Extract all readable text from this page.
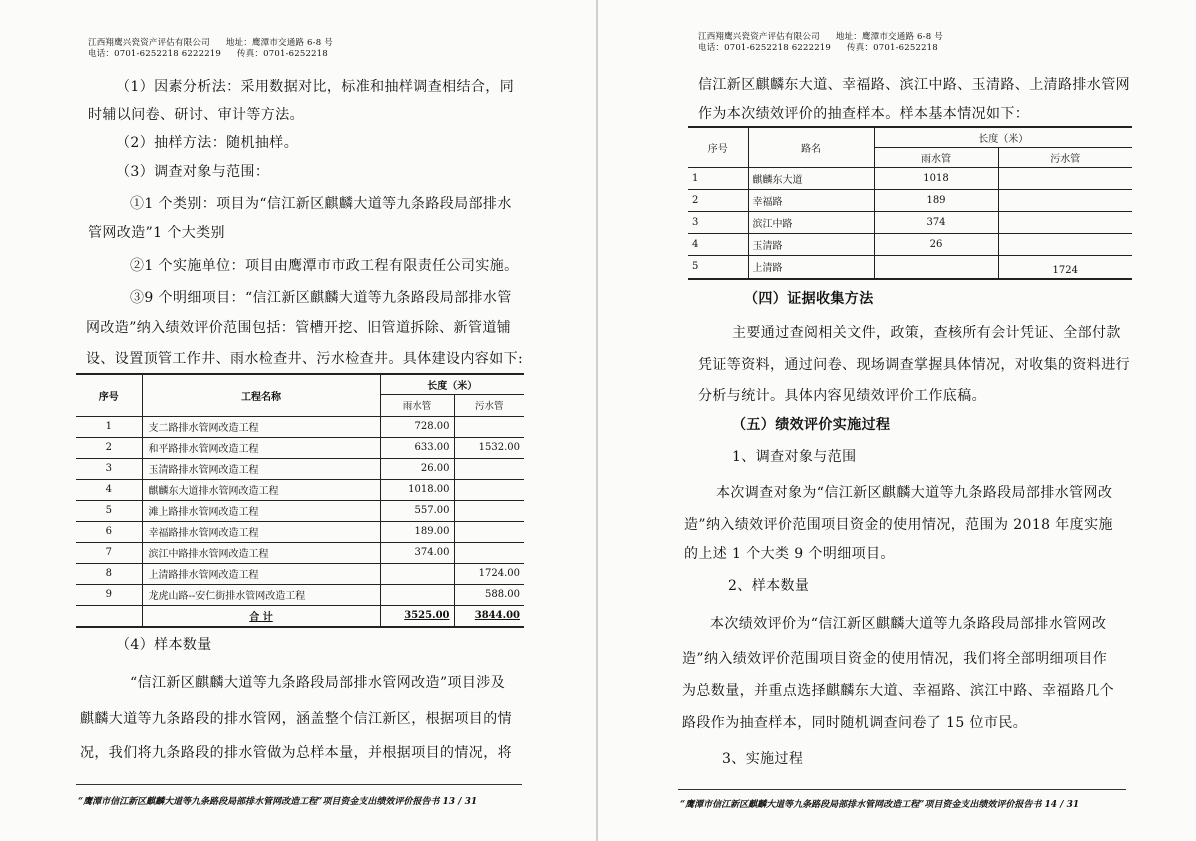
江西翔鹰兴瓷资产评估有限公司 地址：鹰潭市交通路 6-8 号
电话：0701-6252218 6222219 传真：0701-6252218
（1）因素分析法：采用数据对比，标准和抽样调查相结合，同
时辅以问卷、研讨、审计等方法。
（2）抽样方法：随机抽样。
（3）调查对象与范围：
①1 个类别：项目为“信江新区麒麟大道等九条路段局部排水
管网改造”1 个大类别
②1 个实施单位：项目由鹰潭市市政工程有限责任公司实施。
③9 个明细项目：“信江新区麒麟大道等九条路段局部排水管
网改造”纳入绩效评价范围包括：管槽开挖、旧管道拆除、新管道铺
设、设置顶管工作井、雨水检查井、污水检查井。具体建设内容如下:
序号	工程名称	长度（米）	
		雨水管	污水管
1	支二路排水管网改造工程	728.00	
2	和平路排水管网改造工程	633.00	1532.00
3	玉清路排水管网改造工程	26.00	
4	麒麟东大道排水管网改造工程	1018.00	
5	滩上路排水管网改造工程	557.00	
6	幸福路排水管网改造工程	189.00	
7	滨江中路排水管网改造工程	374.00	
8	上清路排水管网改造工程		1724.00
9	龙虎山路--安仁街排水管网改造工程		588.00
	合 计	3525.00	3844.00
（4）样本数量
“信江新区麒麟大道等九条路段局部排水管网改造”项目涉及
麒麟大道等九条路段的排水管网，涵盖整个信江新区，根据项目的情
况，我们将九条路段的排水管做为总样本量，并根据项目的情况，将
“鹰潭市信江新区麒麟大道等九条路段局部排水管网改造工程”项目资金支出绩效评价报告书 13 / 31
江西翔鹰兴瓷资产评估有限公司 地址：鹰潭市交通路 6-8 号
电话：0701-6252218 6222219 传真：0701-6252218
信江新区麒麟东大道、幸福路、滨江中路、玉清路、上清路排水管网
作为本次绩效评价的抽查样本。样本基本情况如下：
序号	路名	长度（米）	
		雨水管	污水管
1	麒麟东大道	1018	
2	幸福路	189	
3	滨江中路	374	
4	玉清路	26	
5	上清路		1724
（四）证据收集方法
主要通过查阅相关文件，政策，查核所有会计凭证、全部付款
凭证等资料，通过问卷、现场调查掌握具体情况，对收集的资料进行
分析与统计。具体内容见绩效评价工作底稿。
（五）绩效评价实施过程
1、调查对象与范围
本次调查对象为“信江新区麒麟大道等九条路段局部排水管网改
造”纳入绩效评价范围项目资金的使用情况，范围为 2018 年度实施
的上述 1 个大类 9 个明细项目。
2、样本数量
本次绩效评价为“信江新区麒麟大道等九条路段局部排水管网改
造”纳入绩效评价范围项目资金的使用情况，我们将全部明细项目作
为总数量，并重点选择麒麟东大道、幸福路、滨江中路、幸福路几个
路段作为抽查样本，同时随机调查问卷了 15 位市民。
3、实施过程
“鹰潭市信江新区麒麟大道等九条路段局部排水管网改造工程”项目资金支出绩效评价报告书 14 / 31
